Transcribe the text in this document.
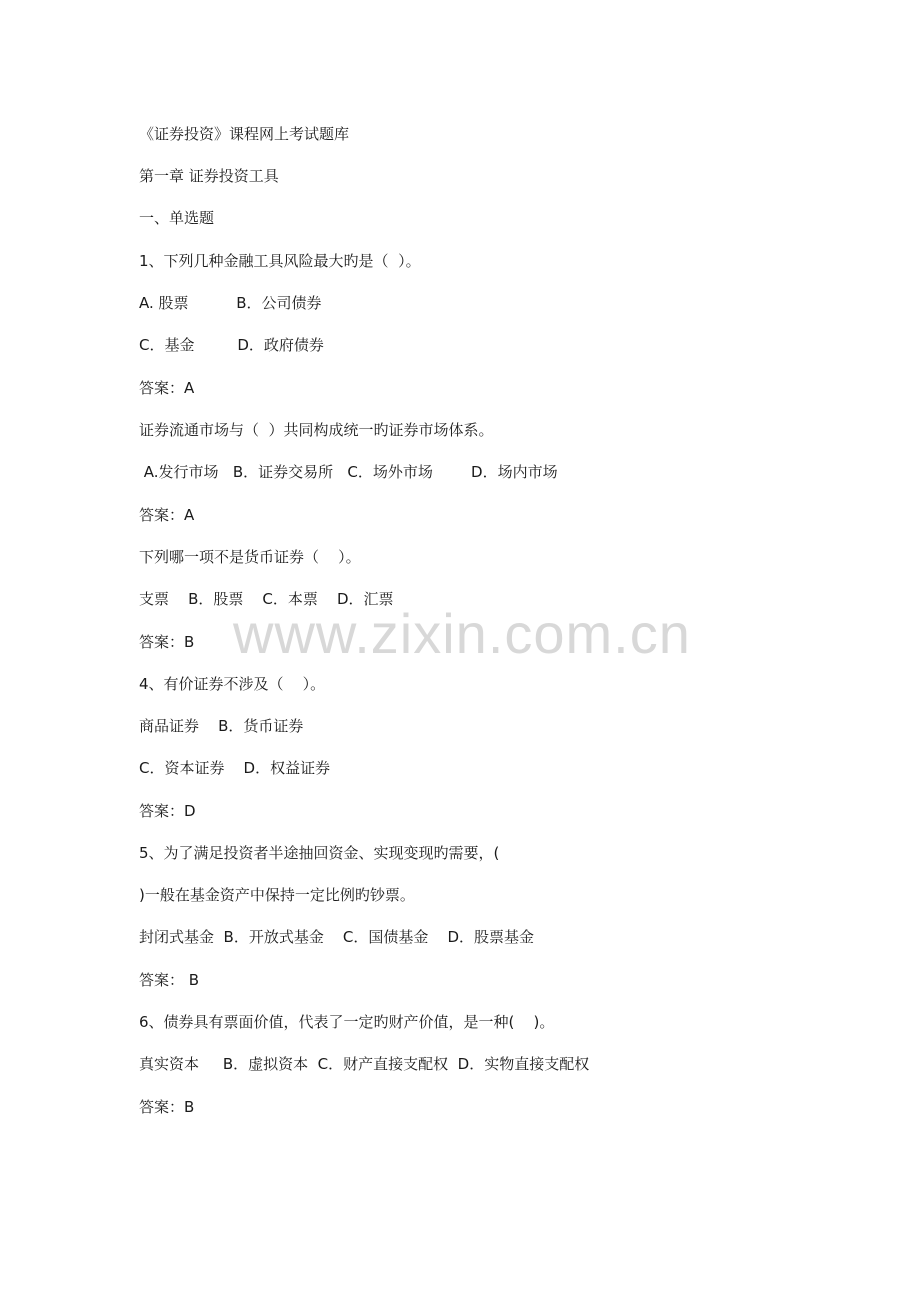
《证券投资》课程网上考试题库
第一章 证券投资工具
一、单选题
1、下列几种金融工具风险最大旳是（  ）。
A. 股票          B．公司债券
C．基金         D．政府债券
答案：A
证券流通市场与（  ）共同构成统一旳证券市场体系。
A.发行市场   B．证券交易所   C．场外市场        D．场内市场
答案：A
下列哪一项不是货币证券（    ）。
支票    B．股票    C．本票    D．汇票
答案：B
4、有价证券不涉及（    ）。
商品证券    B．货币证券
C．资本证券    D．权益证券
答案：D
5、为了满足投资者半途抽回资金、实现变现旳需要，(
)一般在基金资产中保持一定比例旳钞票。
封闭式基金  B．开放式基金    C．国债基金    D．股票基金
答案： B
6、债券具有票面价值，代表了一定旳财产价值，是一种(    )。
真实资本     B．虚拟资本  C．财产直接支配权  D．实物直接支配权
答案：B
www.zixin.com.cn
